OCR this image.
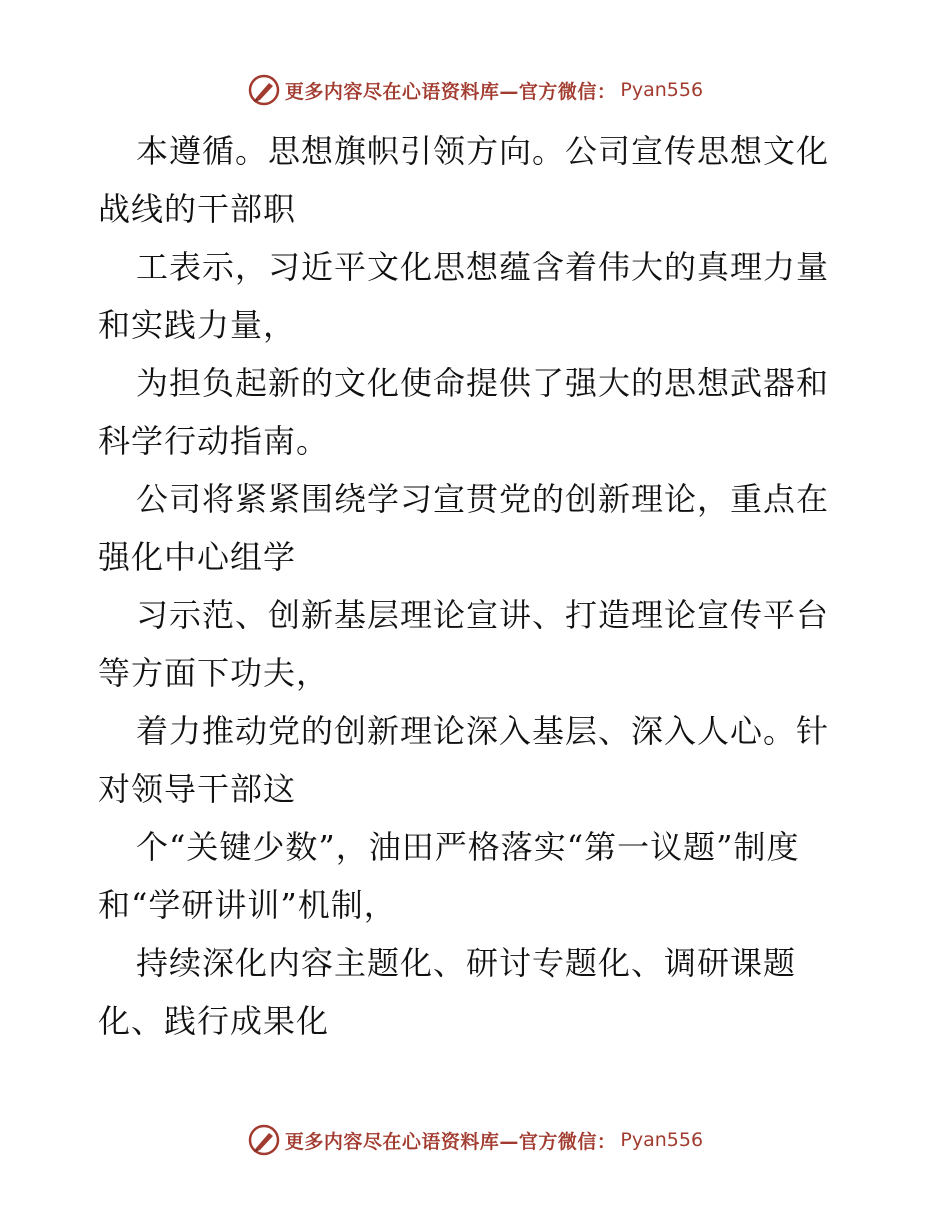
更多内容尽在心语资料库—官方微信： Pyan556

本遵循。思想旗帜引领方向。公司宣传思想文化战线的干部职

工表示，习近平文化思想蕴含着伟大的真理力量和实践力量，

为担负起新的文化使命提供了强大的思想武器和科学行动指南。

公司将紧紧围绕学习宣贯党的创新理论，重点在强化中心组学

习示范、创新基层理论宣讲、打造理论宣传平台等方面下功夫，

着力推动党的创新理论深入基层、深入人心。针对领导干部这

个“关键少数”，油田严格落实“第一议题”制度和“学研讲训”机制，

持续深化内容主题化、研讨专题化、调研课题化、践行成果化

更多内容尽在心语资料库—官方微信： Pyan556
